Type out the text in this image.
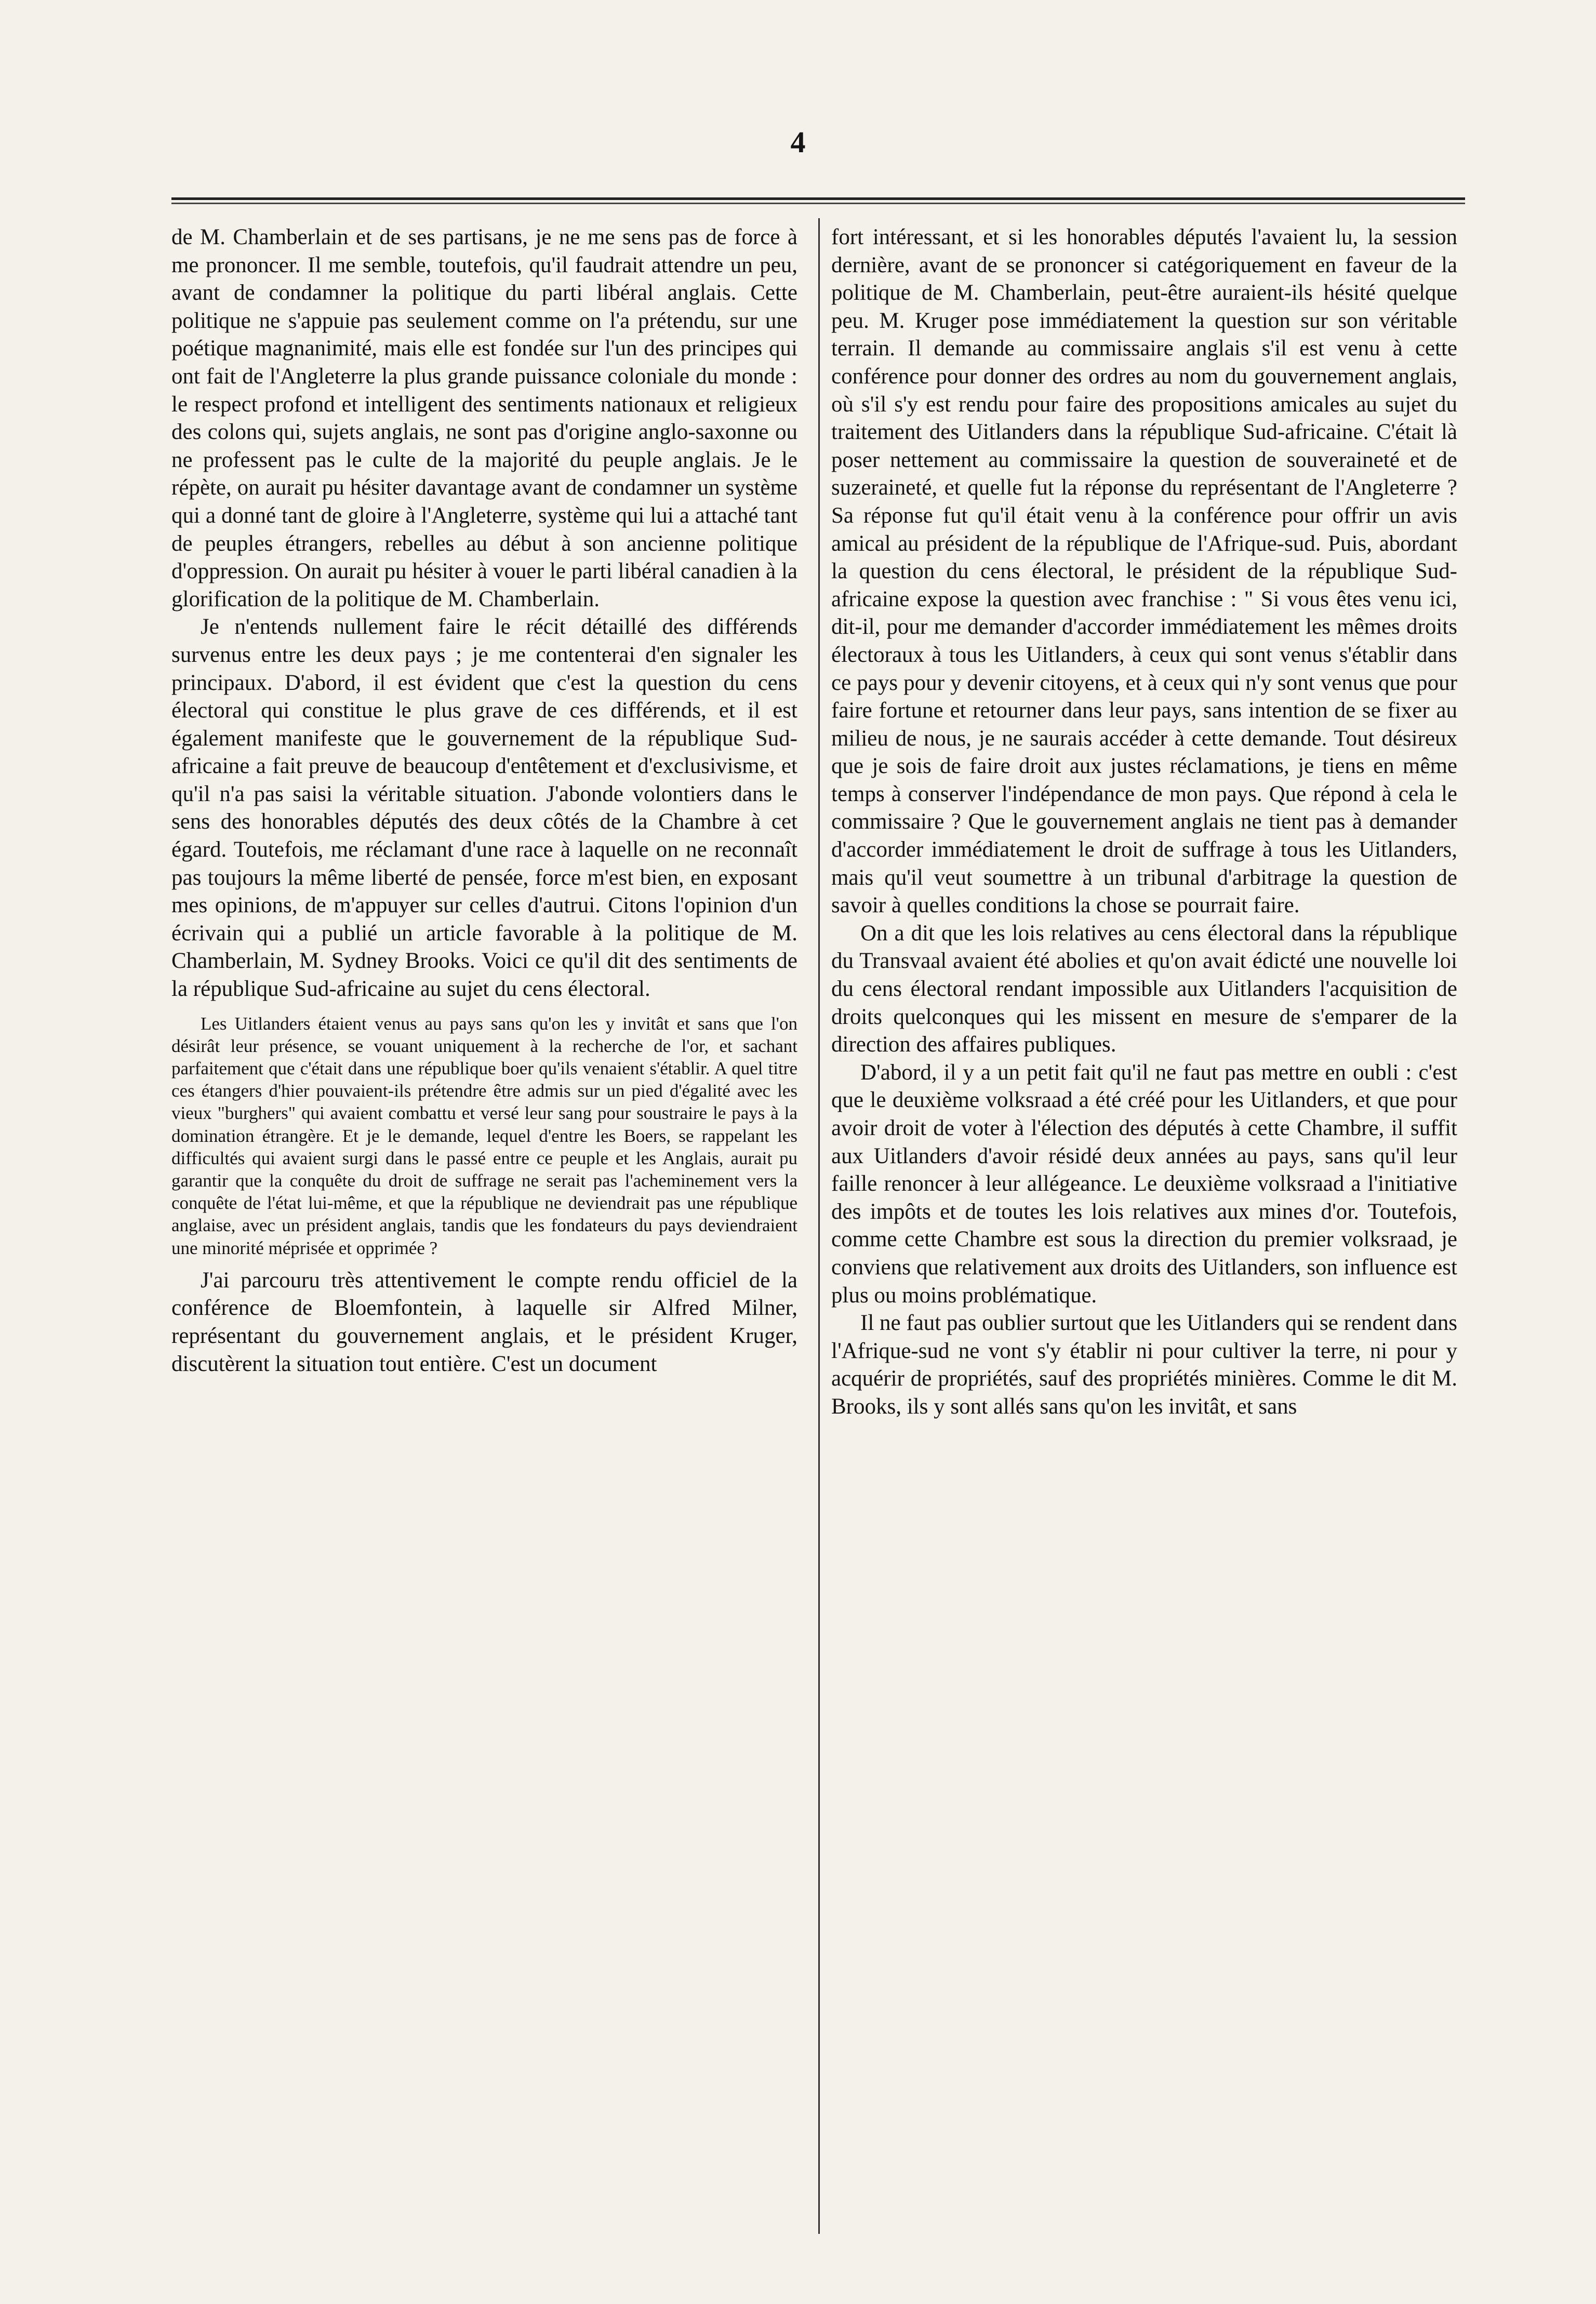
4

de M. Chamberlain et de ses partisans, je ne me sens pas de force à me prononcer. Il me semble, toutefois, qu'il faudrait attendre un peu, avant de condamner la politique du parti libéral anglais. Cette politique ne s'appuie pas seulement comme on l'a prétendu, sur une poétique magnanimité, mais elle est fondée sur l'un des principes qui ont fait de l'Angleterre la plus grande puissance coloniale du monde : le respect profond et intelligent des sentiments nationaux et religieux des colons qui, sujets anglais, ne sont pas d'origine anglo-saxonne ou ne professent pas le culte de la majorité du peuple anglais. Je le répète, on aurait pu hésiter davantage avant de condamner un système qui a donné tant de gloire à l'Angleterre, système qui lui a attaché tant de peuples étrangers, rebelles au début à son ancienne politique d'oppression. On aurait pu hésiter à vouer le parti libéral canadien à la glorification de la politique de M. Chamberlain.

Je n'entends nullement faire le récit détaillé des différends survenus entre les deux pays ; je me contenterai d'en signaler les principaux. D'abord, il est évident que c'est la question du cens électoral qui constitue le plus grave de ces différends, et il est également manifeste que le gouvernement de la république Sud-africaine a fait preuve de beaucoup d'entêtement et d'exclusivisme, et qu'il n'a pas saisi la véritable situation. J'abonde volontiers dans le sens des honorables députés des deux côtés de la Chambre à cet égard. Toutefois, me réclamant d'une race à laquelle on ne reconnaît pas toujours la même liberté de pensée, force m'est bien, en exposant mes opinions, de m'appuyer sur celles d'autrui. Citons l'opinion d'un écrivain qui a publié un article favorable à la politique de M. Chamberlain, M. Sydney Brooks. Voici ce qu'il dit des sentiments de la république Sud-africaine au sujet du cens électoral.

Les Uitlanders étaient venus au pays sans qu'on les y invitât et sans que l'on désirât leur présence, se vouant uniquement à la recherche de l'or, et sachant parfaitement que c'était dans une république boer qu'ils venaient s'établir. A quel titre ces étangers d'hier pouvaient-ils prétendre être admis sur un pied d'égalité avec les vieux "burghers" qui avaient combattu et versé leur sang pour soustraire le pays à la domination étrangère. Et je le demande, lequel d'entre les Boers, se rappelant les difficultés qui avaient surgi dans le passé entre ce peuple et les Anglais, aurait pu garantir que la conquête du droit de suffrage ne serait pas l'acheminement vers la conquête de l'état lui-même, et que la république ne deviendrait pas une république anglaise, avec un président anglais, tandis que les fondateurs du pays deviendraient une minorité méprisée et opprimée ?

J'ai parcouru très attentivement le compte rendu officiel de la conférence de Bloemfontein, à laquelle sir Alfred Milner, représentant du gouvernement anglais, et le président Kruger, discutèrent la situation tout entière. C'est un document

fort intéressant, et si les honorables députés l'avaient lu, la session dernière, avant de se prononcer si catégoriquement en faveur de la politique de M. Chamberlain, peut-être auraient-ils hésité quelque peu. M. Kruger pose immédiatement la question sur son véritable terrain. Il demande au commissaire anglais s'il est venu à cette conférence pour donner des ordres au nom du gouvernement anglais, où s'il s'y est rendu pour faire des propositions amicales au sujet du traitement des Uitlanders dans la république Sud-africaine. C'était là poser nettement au commissaire la question de souveraineté et de suzeraineté, et quelle fut la réponse du représentant de l'Angleterre ? Sa réponse fut qu'il était venu à la conférence pour offrir un avis amical au président de la république de l'Afrique-sud. Puis, abordant la question du cens électoral, le président de la république Sud-africaine expose la question avec franchise : " Si vous êtes venu ici, dit-il, pour me demander d'accorder immédiatement les mêmes droits électoraux à tous les Uitlanders, à ceux qui sont venus s'établir dans ce pays pour y devenir citoyens, et à ceux qui n'y sont venus que pour faire fortune et retourner dans leur pays, sans intention de se fixer au milieu de nous, je ne saurais accéder à cette demande. Tout désireux que je sois de faire droit aux justes réclamations, je tiens en même temps à conserver l'indépendance de mon pays. Que répond à cela le commissaire ? Que le gouvernement anglais ne tient pas à demander d'accorder immédiatement le droit de suffrage à tous les Uitlanders, mais qu'il veut soumettre à un tribunal d'arbitrage la question de savoir à quelles conditions la chose se pourrait faire.

On a dit que les lois relatives au cens électoral dans la république du Transvaal avaient été abolies et qu'on avait édicté une nouvelle loi du cens électoral rendant impossible aux Uitlanders l'acquisition de droits quelconques qui les missent en mesure de s'emparer de la direction des affaires publiques.

D'abord, il y a un petit fait qu'il ne faut pas mettre en oubli : c'est que le deuxième volksraad a été créé pour les Uitlanders, et que pour avoir droit de voter à l'élection des députés à cette Chambre, il suffit aux Uitlanders d'avoir résidé deux années au pays, sans qu'il leur faille renoncer à leur allégeance. Le deuxième volksraad a l'initiative des impôts et de toutes les lois relatives aux mines d'or. Toutefois, comme cette Chambre est sous la direction du premier volksraad, je conviens que relativement aux droits des Uitlanders, son influence est plus ou moins problématique.

Il ne faut pas oublier surtout que les Uitlanders qui se rendent dans l'Afrique-sud ne vont s'y établir ni pour cultiver la terre, ni pour y acquérir de propriétés, sauf des propriétés minières. Comme le dit M. Brooks, ils y sont allés sans qu'on les invitât, et sans
